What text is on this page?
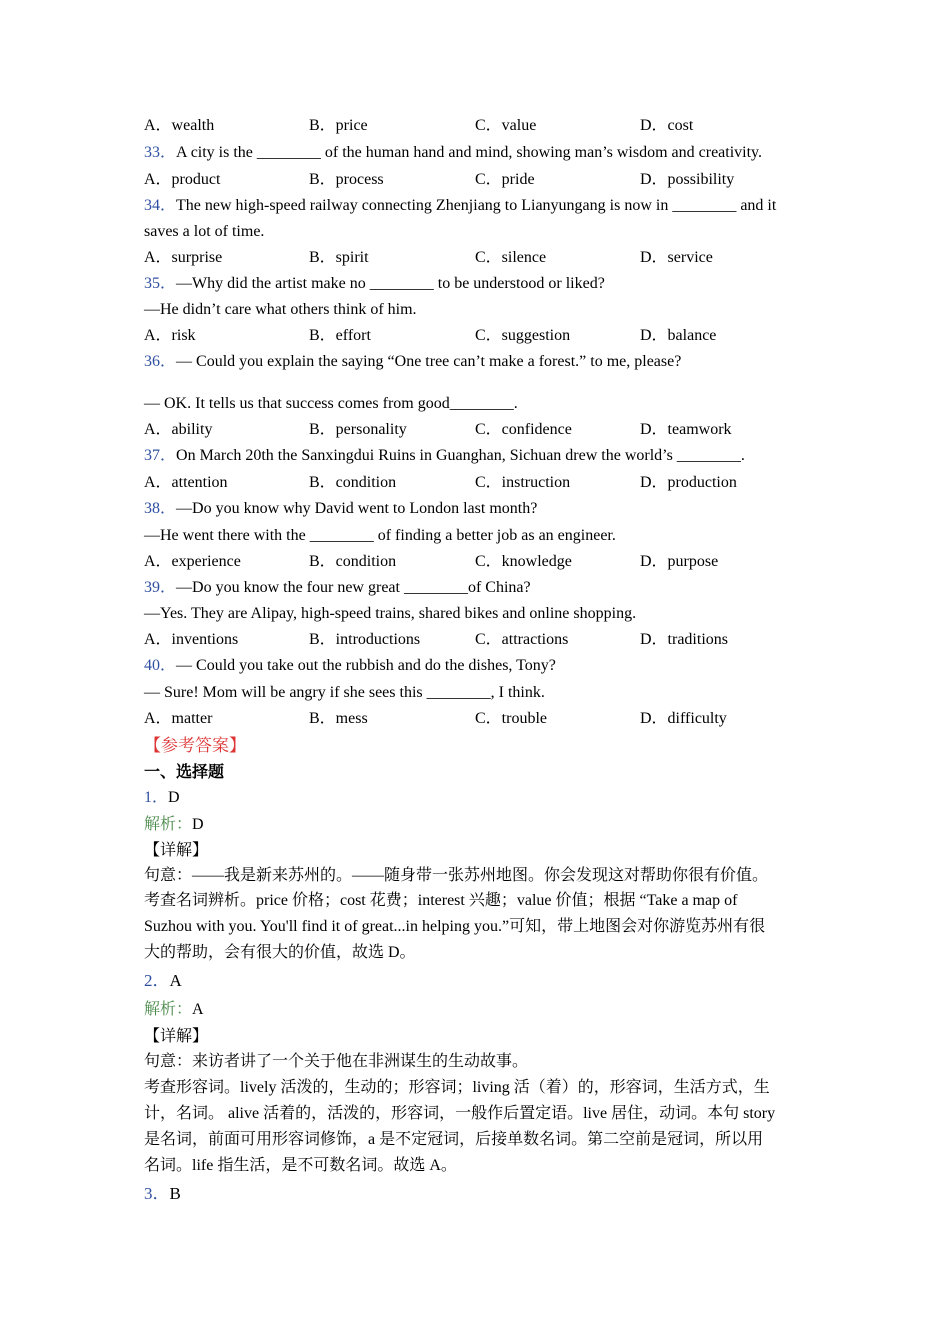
A．wealth	B．price	C．value	D．cost
33．A city is the ________ of the human hand and mind, showing man’s wisdom and creativity.
A．product	B．process	C．pride	D．possibility
34．The new high-speed railway connecting Zhenjiang to Lianyungang is now in ________ and it
saves a lot of time.
A．surprise	B．spirit	C．silence	D．service
35．—Why did the artist make no ________ to be understood or liked?
—He didn’t care what others think of him.
A．risk	B．effort	C．suggestion	D．balance
36．— Could you explain the saying “One tree can’t make a forest.” to me, please?
— OK. It tells us that success comes from good________.
A．ability	B．personality	C．confidence	D．teamwork
37．On March 20th the Sanxingdui Ruins in Guanghan, Sichuan drew the world’s ________.
A．attention	B．condition	C．instruction	D．production
38．—Do you know why David went to London last month?
—He went there with the ________ of finding a better job as an engineer.
A．experience	B．condition	C．knowledge	D．purpose
39．—Do you know the four new great ________of China?
—Yes. They are Alipay, high-speed trains, shared bikes and online shopping.
A．inventions	B．introductions	C．attractions	D．traditions
40．— Could you take out the rubbish and do the dishes, Tony?
— Sure! Mom will be angry if she sees this ________, I think.
A．matter	B．mess	C．trouble	D．difficulty
【参考答案】
一、选择题
1．D
解析：D
【详解】
句意：——我是新来苏州的。——随身带一张苏州地图。你会发现这对帮助你很有价值。
考查名词辨析。price 价格；cost 花费；interest 兴趣；value 价值；根据 “Take a map of
Suzhou with you. You'll find it of great...in helping you.”可知，带上地图会对你游览苏州有很
大的帮助，会有很大的价值，故选 D。
2．A
解析：A
【详解】
句意：来访者讲了一个关于他在非洲谋生的生动故事。
考查形容词。lively 活泼的，生动的；形容词；living 活（着）的，形容词，生活方式，生
计，名词。 alive 活着的，活泼的，形容词，一般作后置定语。live 居住，动词。本句 story
是名词，前面可用形容词修饰，a 是不定冠词，后接单数名词。第二空前是冠词，所以用
名词。life 指生活，是不可数名词。故选 A。
3．B
